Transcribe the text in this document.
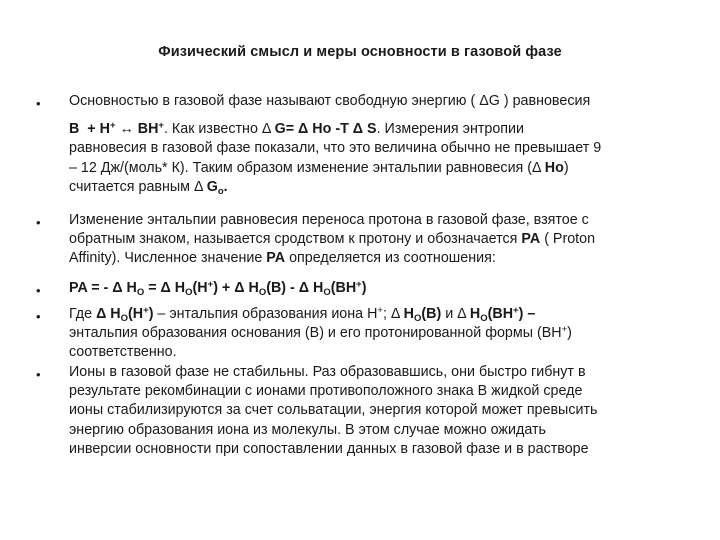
Физический смысл и меры основности в газовой фазе
• Основностью в газовой фазе называют свободную энергию ( ΔG ) равновесия

B + H+ ↔ BH+. Как известно Δ G= Δ Ho -T Δ S. Измерения энтропии

равновесия в газовой фазе показали, что это величина обычно не превышает 9

– 12 Дж/(моль* К). Таким образом изменение энтальпии равновесия (Δ Ho)

считается равным Δ $G_o$.

• Изменение энтальпии равновесия переноса протона в газовой фазе, взятое с

обратным знаком, называется сродством к протону и обозначается PA ( Proton

Affinity). Численное значение PA определяется из соотношения:

• PA = - Δ $H_O = \Delta$ $H_O(H^+) + \Delta$ $H_O(B)$ - Δ $H_O(BH^+)$

• Где Δ $H_O(H^+)$ – энтальпия образования иона H+; Δ $H_O(B)$ и Δ $H_O(BH^+)$ –

энтальпия образования основания (B) и его протонированной формы (BH+)

соответственно.

• Ионы в газовой фазе не стабильны. Раз образовавшись, они быстро гибнут в

результате рекомбинации с ионами противоположного знака В жидкой среде

ионы стабилизируются за счет сольватации, энергия которой может превысить

энергию образования иона из молекулы. В этом случае можно ожидать

инверсии основности при сопоставлении данных в газовой фазе и в растворе
